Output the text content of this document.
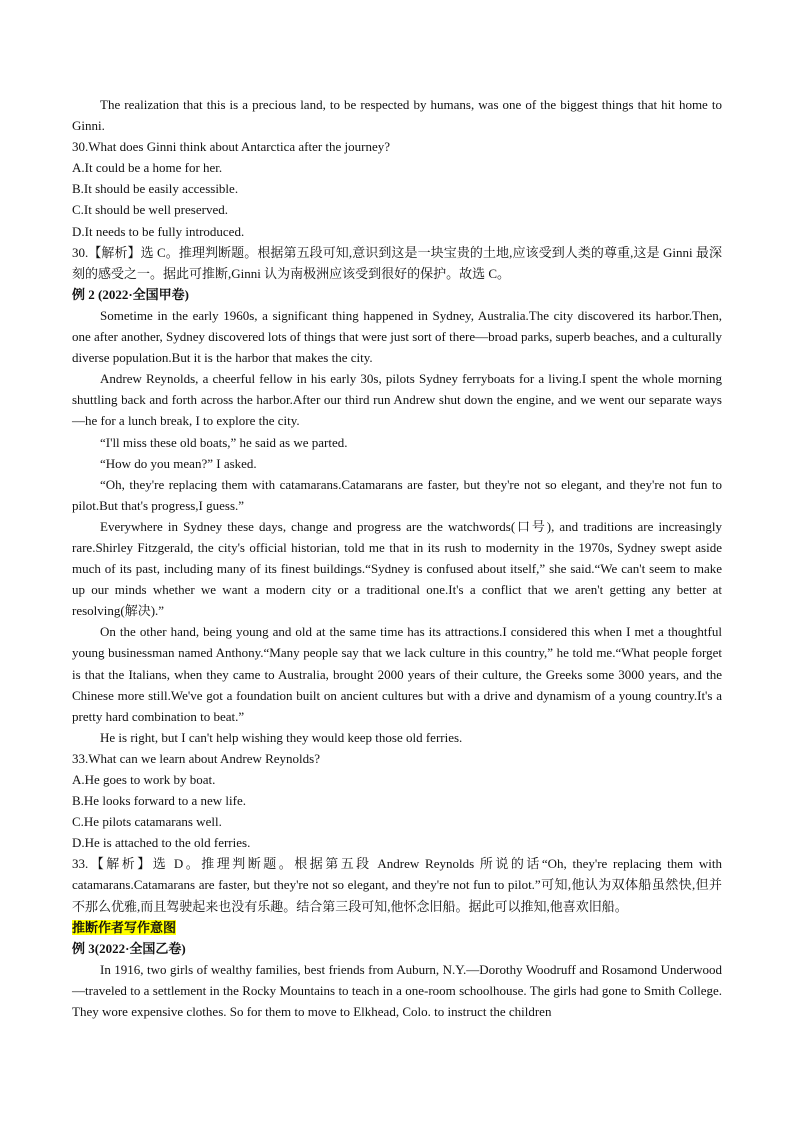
The realization that this is a precious land, to be respected by humans, was one of the biggest things that hit home to Ginni.

30.What does Ginni think about Antarctica after the journey?

A.It could be a home for her.

B.It should be easily accessible.

C.It should be well preserved.

D.It needs to be fully introduced.

30.【解析】选 C。推理判断题。根据第五段可知,意识到这是一块宝贵的土地,应该受到人类的尊重,这是 Ginni 最深刻的感受之一。据此可推断,Ginni 认为南极洲应该受到很好的保护。故选 C。

例 2 (2022·全国甲卷)

Sometime in the early 1960s, a significant thing happened in Sydney, Australia.The city discovered its harbor.Then, one after another, Sydney discovered lots of things that were just sort of there—broad parks, superb beaches, and a culturally diverse population.But it is the harbor that makes the city.

Andrew Reynolds, a cheerful fellow in his early 30s, pilots Sydney ferryboats for a living.I spent the whole morning shuttling back and forth across the harbor.After our third run Andrew shut down the engine, and we went our separate ways—he for a lunch break, I to explore the city.

“I'll miss these old boats,” he said as we parted.

“How do you mean?” I asked.

“Oh, they're replacing them with catamarans.Catamarans are faster, but they're not so elegant, and they're not fun to pilot.But that's progress,I guess.”

Everywhere in Sydney these days, change and progress are the watchwords(口号), and traditions are increasingly rare.Shirley Fitzgerald, the city's official historian, told me that in its rush to modernity in the 1970s, Sydney swept aside much of its past, including many of its finest buildings.“Sydney is confused about itself,” she said.“We can't seem to make up our minds whether we want a modern city or a traditional one.It's a conflict that we aren't getting any better at resolving(解决).”

On the other hand, being young and old at the same time has its attractions.I considered this when I met a thoughtful young businessman named Anthony.“Many people say that we lack culture in this country,” he told me.“What people forget is that the Italians, when they came to Australia, brought 2000 years of their culture, the Greeks some 3000 years, and the Chinese more still.We've got a foundation built on ancient cultures but with a drive and dynamism of a young country.It's a pretty hard combination to beat.”

He is right, but I can't help wishing they would keep those old ferries.

33.What can we learn about Andrew Reynolds?

A.He goes to work by boat.

B.He looks forward to a new life.

C.He pilots catamarans well.

D.He is attached to the old ferries.

33.【解析】选 D。推理判断题。根据第五段 Andrew Reynolds 所说的话“Oh, they're replacing them with catamarans.Catamarans are faster, but they're not so elegant, and they're not fun to pilot.”可知,他认为双体船虽然快,但并不那么优雅,而且驾驶起来也没有乐趣。结合第三段可知,他怀念旧船。据此可以推知,他喜欢旧船。

推断作者写作意图

例 3(2022·全国乙卷)

In 1916, two girls of wealthy families, best friends from Auburn, N.Y.—Dorothy Woodruff and Rosamond Underwood—traveled to a settlement in the Rocky Mountains to teach in a one-room schoolhouse. The girls had gone to Smith College. They wore expensive clothes. So for them to move to Elkhead, Colo. to instruct the children
